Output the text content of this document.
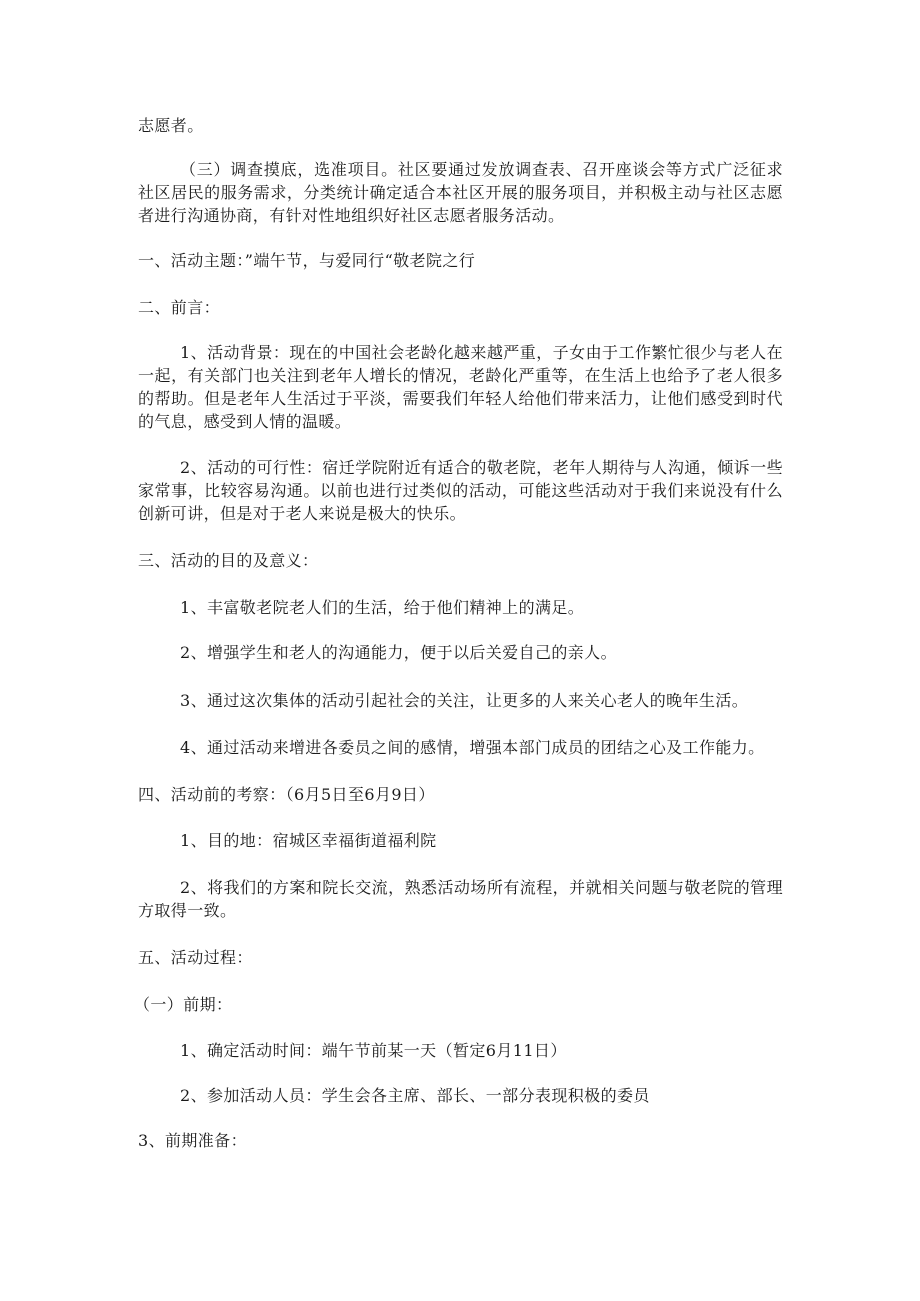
志愿者。
（三）调查摸底，选准项目。社区要通过发放调查表、召开座谈会等方式广泛征求社区居民的服务需求，分类统计确定适合本社区开展的服务项目，并积极主动与社区志愿者进行沟通协商，有针对性地组织好社区志愿者服务活动。
一、活动主题：”端午节，与爱同行“敬老院之行
二、前言：
1、活动背景：现在的中国社会老龄化越来越严重，子女由于工作繁忙很少与老人在一起，有关部门也关注到老年人增长的情况，老龄化严重等，在生活上也给予了老人很多的帮助。但是老年人生活过于平淡，需要我们年轻人给他们带来活力，让他们感受到时代的气息，感受到人情的温暖。
2、活动的可行性：宿迁学院附近有适合的敬老院，老年人期待与人沟通，倾诉一些家常事，比较容易沟通。以前也进行过类似的活动，可能这些活动对于我们来说没有什么创新可讲，但是对于老人来说是极大的快乐。
三、活动的目的及意义：
1、丰富敬老院老人们的生活，给于他们精神上的满足。
2、增强学生和老人的沟通能力，便于以后关爱自己的亲人。
3、通过这次集体的活动引起社会的关注，让更多的人来关心老人的晚年生活。
4、通过活动来增进各委员之间的感情，增强本部门成员的团结之心及工作能力。
四、活动前的考察：（6月5日至6月9日）
1、目的地：宿城区幸福街道福利院
2、将我们的方案和院长交流，熟悉活动场所有流程，并就相关问题与敬老院的管理方取得一致。
五、活动过程：
（一）前期：
1、确定活动时间：端午节前某一天（暂定6月11日）
2、参加活动人员：学生会各主席、部长、一部分表现积极的委员
3、前期准备：
